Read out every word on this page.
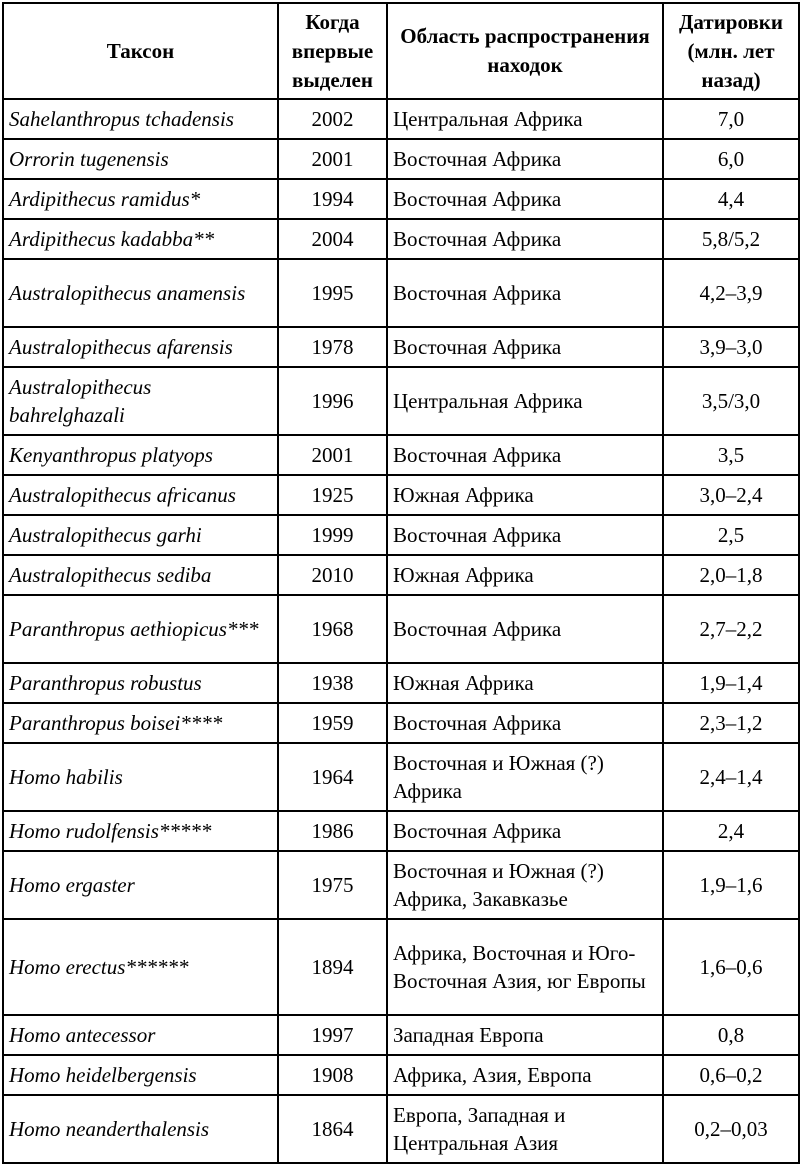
Таксон	Когда впервые выделен	Область распространения находок	Датировки (млн. лет назад)
Sahelanthropus tchadensis	2002	Центральная Африка	7,0
Orrorin tugenensis	2001	Восточная Африка	6,0
Ardipithecus ramidus*	1994	Восточная Африка	4,4
Ardipithecus kadabba**	2004	Восточная Африка	5,8/5,2
Australopithecus anamensis	1995	Восточная Африка	4,2–3,9
Australopithecus afarensis	1978	Восточная Африка	3,9–3,0
Australopithecus bahrelghazali	1996	Центральная Африка	3,5/3,0
Kenyanthropus platyops	2001	Восточная Африка	3,5
Australopithecus africanus	1925	Южная Африка	3,0–2,4
Australopithecus garhi	1999	Восточная Африка	2,5
Australopithecus sediba	2010	Южная Африка	2,0–1,8
Paranthropus aethiopicus***	1968	Восточная Африка	2,7–2,2
Paranthropus robustus	1938	Южная Африка	1,9–1,4
Paranthropus boisei****	1959	Восточная Африка	2,3–1,2
Homo habilis	1964	Восточная и Южная (?) Африка	2,4–1,4
Homo rudolfensis*****	1986	Восточная Африка	2,4
Homo ergaster	1975	Восточная и Южная (?) Африка, Закавказье	1,9–1,6
Homo erectus******	1894	Африка, Восточная и Юго-Восточная Азия, юг Европы	1,6–0,6
Homo antecessor	1997	Западная Европа	0,8
Homo heidelbergensis	1908	Африка, Азия, Европа	0,6–0,2
Homo neanderthalensis	1864	Европа, Западная и Центральная Азия	0,2–0,03
